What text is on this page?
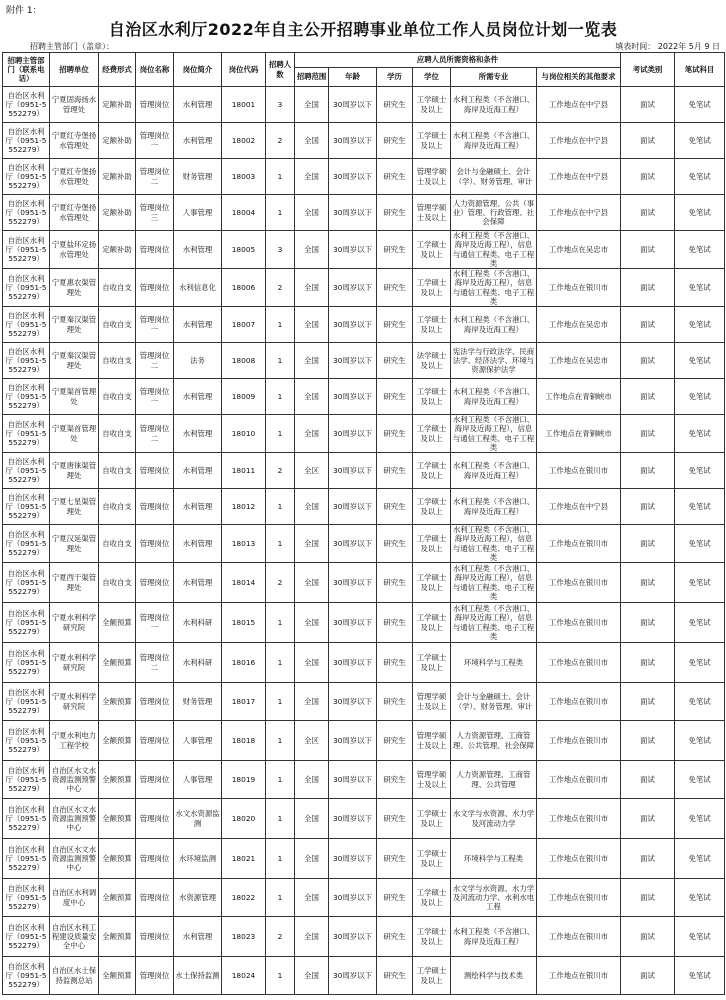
附件 1：
自治区水利厅2022年自主公开招聘事业单位工作人员岗位计划一览表
招聘主管部门（盖章）：	填表时间： 2022年 5月 9 日
招聘主管部门（联系电话）	招聘单位	经费形式	岗位名称	岗位简介	岗位代码	招聘人数	应聘人员所需资格和条件						考试类别	笔试科目
							招聘范围	年龄	学历	学位	所需专业	与岗位相关的其他要求		
自治区水利厅（0951-5552279）	宁夏固海扬水管理处	定额补助	管理岗位	水利管理	18001	3	全国	30周岁以下	研究生	工学硕士及以上	水利工程类（不含港口、海岸及近海工程）	工作地点在中宁县	面试	免笔试
自治区水利厅（0951-5552279）	宁夏红寺堡扬水管理处	定额补助	管理岗位一	水利管理	18002	2	全国	30周岁以下	研究生	工学硕士及以上	水利工程类（不含港口、海岸及近海工程）	工作地点在中宁县	面试	免笔试
自治区水利厅（0951-5552279）	宁夏红寺堡扬水管理处	定额补助	管理岗位二	财务管理	18003	1	全国	30周岁以下	研究生	管理学硕士及以上	会计与金融硕士、会计（学）、财务管理、审计	工作地点在中宁县	面试	免笔试
自治区水利厅（0951-5552279）	宁夏红寺堡扬水管理处	定额补助	管理岗位三	人事管理	18004	1	全国	30周岁以下	研究生	管理学硕士及以上	人力资源管理、公共（事业）管理、行政管理、社会保障	工作地点在中宁县	面试	免笔试
自治区水利厅（0951-5552279）	宁夏盐环定扬水管理处	定额补助	管理岗位	水利管理	18005	3	全国	30周岁以下	研究生	工学硕士及以上	水利工程类（不含港口、海岸及近海工程），信息与通信工程类、电子工程类	工作地点在吴忠市	面试	免笔试
自治区水利厅（0951-5552279）	宁夏惠农渠管理处	自收自支	管理岗位	水利信息化	18006	2	全国	30周岁以下	研究生	工学硕士及以上	水利工程类（不含港口、海岸及近海工程），信息与通信工程类、电子工程类	工作地点在银川市	面试	免笔试
自治区水利厅（0951-5552279）	宁夏秦汉渠管理处	自收自支	管理岗位一	水利管理	18007	1	全国	30周岁以下	研究生	工学硕士及以上	水利工程类（不含港口、海岸及近海工程）	工作地点在吴忠市	面试	免笔试
自治区水利厅（0951-5552279）	宁夏秦汉渠管理处	自收自支	管理岗位二	法务	18008	1	全国	30周岁以下	研究生	法学硕士及以上	宪法学与行政法学、民商法学、经济法学、环境与资源保护法学	工作地点在吴忠市	面试	免笔试
自治区水利厅（0951-5552279）	宁夏渠首管理处	自收自支	管理岗位一	水利管理	18009	1	全国	30周岁以下	研究生	工学硕士及以上	水利工程类（不含港口、海岸及近海工程）	工作地点在青铜峡市	面试	免笔试
自治区水利厅（0951-5552279）	宁夏渠首管理处	自收自支	管理岗位二	水利管理	18010	1	全国	30周岁以下	研究生	工学硕士及以上	水利工程类（不含港口、海岸及近海工程），信息与通信工程类、电子工程类	工作地点在青铜峡市	面试	免笔试
自治区水利厅（0951-5552279）	宁夏唐徕渠管理处	自收自支	管理岗位	水利管理	18011	2	全区	30周岁以下	研究生	工学硕士及以上	水利工程类（不含港口、海岸及近海工程）	工作地点在银川市	面试	免笔试
自治区水利厅（0951-5552279）	宁夏七星渠管理处	自收自支	管理岗位	水利管理	18012	1	全国	30周岁以下	研究生	工学硕士及以上	水利工程类（不含港口、海岸及近海工程）	工作地点在中宁县	面试	免笔试
自治区水利厅（0951-5552279）	宁夏汉延渠管理处	自收自支	管理岗位	水利管理	18013	1	全国	30周岁以下	研究生	工学硕士及以上	水利工程类（不含港口、海岸及近海工程），信息与通信工程类、电子工程类	工作地点在银川市	面试	免笔试
自治区水利厅（0951-5552279）	宁夏西干渠管理处	自收自支	管理岗位	水利管理	18014	2	全国	30周岁以下	研究生	工学硕士及以上	水利工程类（不含港口、海岸及近海工程），信息与通信工程类、电子工程类	工作地点在银川市	面试	免笔试
自治区水利厅（0951-5552279）	宁夏水利科学研究院	全额预算	管理岗位一	水利科研	18015	1	全国	30周岁以下	研究生	工学硕士及以上	水利工程类（不含港口、海岸及近海工程），信息与通信工程类、电子工程类	工作地点在银川市	面试	免笔试
自治区水利厅（0951-5552279）	宁夏水利科学研究院	全额预算	管理岗位二	水利科研	18016	1	全国	30周岁以下	研究生	工学硕士及以上	环境科学与工程类	工作地点在银川市	面试	免笔试
自治区水利厅（0951-5552279）	宁夏水利科学研究院	全额预算	管理岗位	财务管理	18017	1	全国	30周岁以下	研究生	管理学硕士及以上	会计与金融硕士、会计（学）、财务管理、审计	工作地点在银川市	面试	免笔试
自治区水利厅（0951-5552279）	宁夏水利电力工程学校	全额预算	管理岗位	人事管理	18018	1	全区	30周岁以下	研究生	管理学硕士及以上	人力资源管理、工商管理、公共管理、社会保障	工作地点在银川市	面试	免笔试
自治区水利厅（0951-5552279）	自治区水文水资源监测预警中心	全额预算	管理岗位	人事管理	18019	1	全国	30周岁以下	研究生	管理学硕士及以上	人力资源管理、工商管理、公共管理	工作地点在银川市	面试	免笔试
自治区水利厅（0951-5552279）	自治区水文水资源监测预警中心	全额预算	管理岗位	水文水资源监测	18020	1	全国	30周岁以下	研究生	工学硕士及以上	水文学与水资源、水力学及河流动力学	工作地点在银川市	面试	免笔试
自治区水利厅（0951-5552279）	自治区水文水资源监测预警中心	全额预算	管理岗位	水环境监测	18021	1	全国	30周岁以下	研究生	工学硕士及以上	环境科学与工程类	工作地点在银川市	面试	免笔试
自治区水利厅（0951-5552279）	自治区水利调度中心	全额预算	管理岗位	水资源管理	18022	1	全国	30周岁以下	研究生	工学硕士及以上	水文学与水资源、水力学及河流动力学、水利水电工程	工作地点在银川市	面试	免笔试
自治区水利厅（0951-5552279）	自治区水利工程建设质量安全中心	全额预算	管理岗位	水利管理	18023	2	全国	30周岁以下	研究生	工学硕士及以上	水利工程类（不含港口、海岸及近海工程）	工作地点在银川市	面试	免笔试
自治区水利厅（0951-5552279）	自治区水土保持监测总站	全额预算	管理岗位	水土保持监测	18024	1	全国	30周岁以下	研究生	工学硕士及以上	测绘科学与技术类	工作地点在银川市	面试	免笔试
